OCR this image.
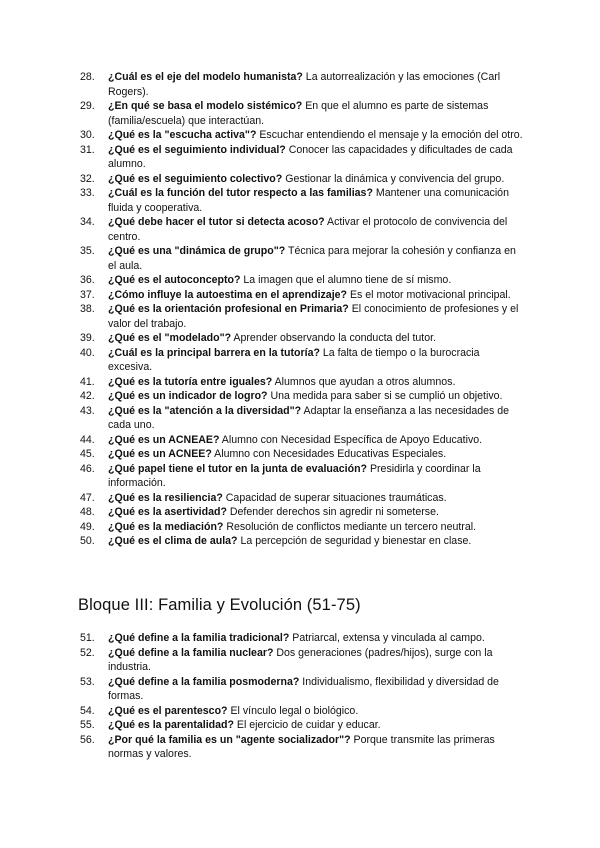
28.	¿Cuál es el eje del modelo humanista? La autorrealización y las emociones (Carl Rogers).
29.	¿En qué se basa el modelo sistémico? En que el alumno es parte de sistemas (familia/escuela) que interactúan.
30.	¿Qué es la "escucha activa"? Escuchar entendiendo el mensaje y la emoción del otro.
31.	¿Qué es el seguimiento individual? Conocer las capacidades y dificultades de cada alumno.
32.	¿Qué es el seguimiento colectivo? Gestionar la dinámica y convivencia del grupo.
33.	¿Cuál es la función del tutor respecto a las familias? Mantener una comunicación fluida y cooperativa.
34.	¿Qué debe hacer el tutor si detecta acoso? Activar el protocolo de convivencia del centro.
35.	¿Qué es una "dinámica de grupo"? Técnica para mejorar la cohesión y confianza en el aula.
36.	¿Qué es el autoconcepto? La imagen que el alumno tiene de sí mismo.
37.	¿Cómo influye la autoestima en el aprendizaje? Es el motor motivacional principal.
38.	¿Qué es la orientación profesional en Primaria? El conocimiento de profesiones y el valor del trabajo.
39.	¿Qué es el "modelado"? Aprender observando la conducta del tutor.
40.	¿Cuál es la principal barrera en la tutoría? La falta de tiempo o la burocracia excesiva.
41.	¿Qué es la tutoría entre iguales? Alumnos que ayudan a otros alumnos.
42.	¿Qué es un indicador de logro? Una medida para saber si se cumplió un objetivo.
43.	¿Qué es la "atención a la diversidad"? Adaptar la enseñanza a las necesidades de cada uno.
44.	¿Qué es un ACNEAE? Alumno con Necesidad Específica de Apoyo Educativo.
45.	¿Qué es un ACNEE? Alumno con Necesidades Educativas Especiales.
46.	¿Qué papel tiene el tutor en la junta de evaluación? Presidirla y coordinar la información.
47.	¿Qué es la resiliencia? Capacidad de superar situaciones traumáticas.
48.	¿Qué es la asertividad? Defender derechos sin agredir ni someterse.
49.	¿Qué es la mediación? Resolución de conflictos mediante un tercero neutral.
50.	¿Qué es el clima de aula? La percepción de seguridad y bienestar en clase.
Bloque III: Familia y Evolución (51-75)
51.	¿Qué define a la familia tradicional? Patriarcal, extensa y vinculada al campo.
52.	¿Qué define a la familia nuclear? Dos generaciones (padres/hijos), surge con la industria.
53.	¿Qué define a la familia posmoderna? Individualismo, flexibilidad y diversidad de formas.
54.	¿Qué es el parentesco? El vínculo legal o biológico.
55.	¿Qué es la parentalidad? El ejercicio de cuidar y educar.
56.	¿Por qué la familia es un "agente socializador"? Porque transmite las primeras normas y valores.
